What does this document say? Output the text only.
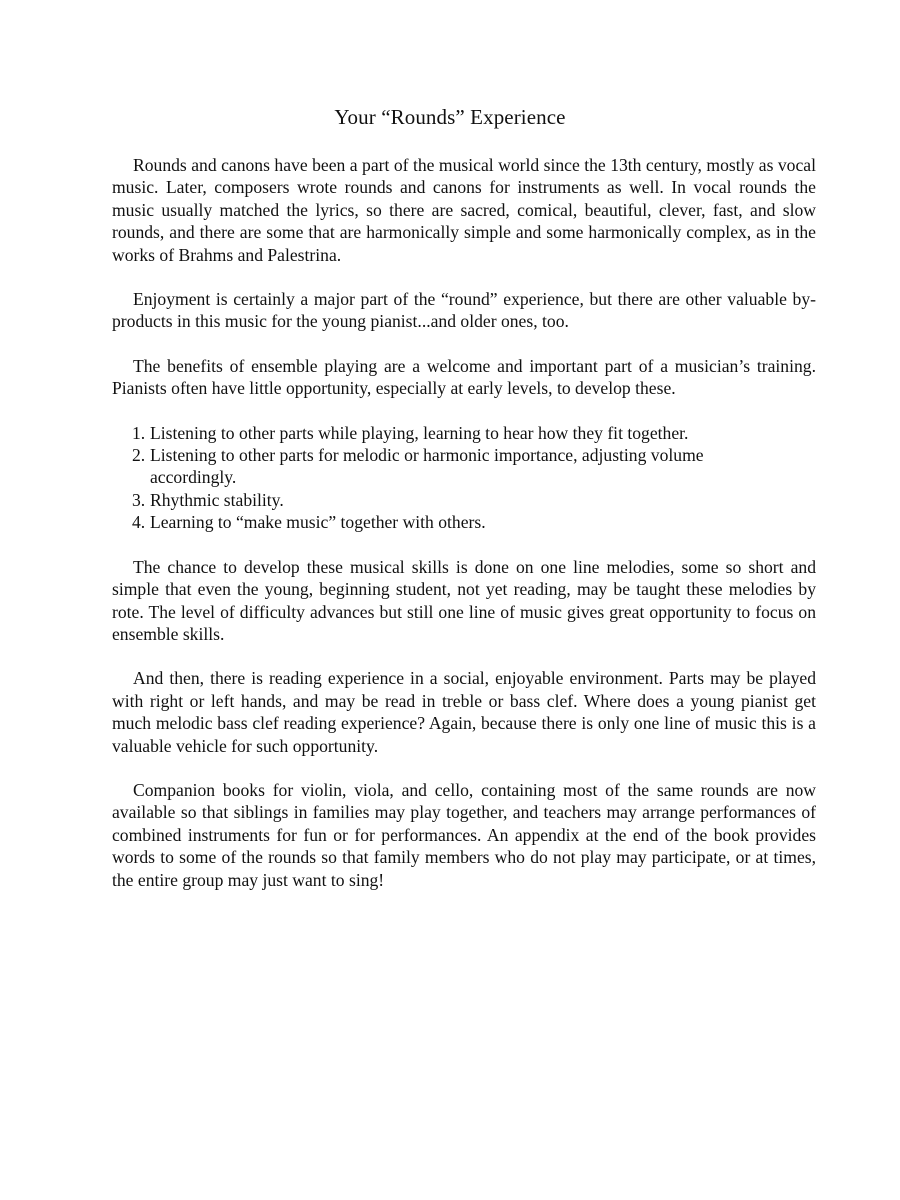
Your “Rounds” Experience

Rounds and canons have been a part of the musical world since the 13th century, mostly as vocal music. Later, composers wrote rounds and canons for instruments as well. In vocal rounds the music usually matched the lyrics, so there are sacred, comical, beautiful, clever, fast, and slow rounds, and there are some that are harmonically simple and some harmonically complex, as in the works of Brahms and Palestrina.

Enjoyment is certainly a major part of the “round” experience, but there are other valuable by-products in this music for the young pianist...and older ones, too.

The benefits of ensemble playing are a welcome and important part of a musician’s training. Pianists often have little opportunity, especially at early levels, to develop these.

1. Listening to other parts while playing, learning to hear how they fit together.
2. Listening to other parts for melodic or harmonic importance, adjusting volume accordingly.
3. Rhythmic stability.
4. Learning to “make music” together with others.

The chance to develop these musical skills is done on one line melodies, some so short and simple that even the young, beginning student, not yet reading, may be taught these melodies by rote. The level of difficulty advances but still one line of music gives great opportunity to focus on ensemble skills.

And then, there is reading experience in a social, enjoyable environment. Parts may be played with right or left hands, and may be read in treble or bass clef. Where does a young pianist get much melodic bass clef reading experience? Again, because there is only one line of music this is a valuable vehicle for such opportunity.

Companion books for violin, viola, and cello, containing most of the same rounds are now available so that siblings in families may play together, and teachers may arrange performances of combined instruments for fun or for performances. An appendix at the end of the book provides words to some of the rounds so that family members who do not play may participate, or at times, the entire group may just want to sing!
